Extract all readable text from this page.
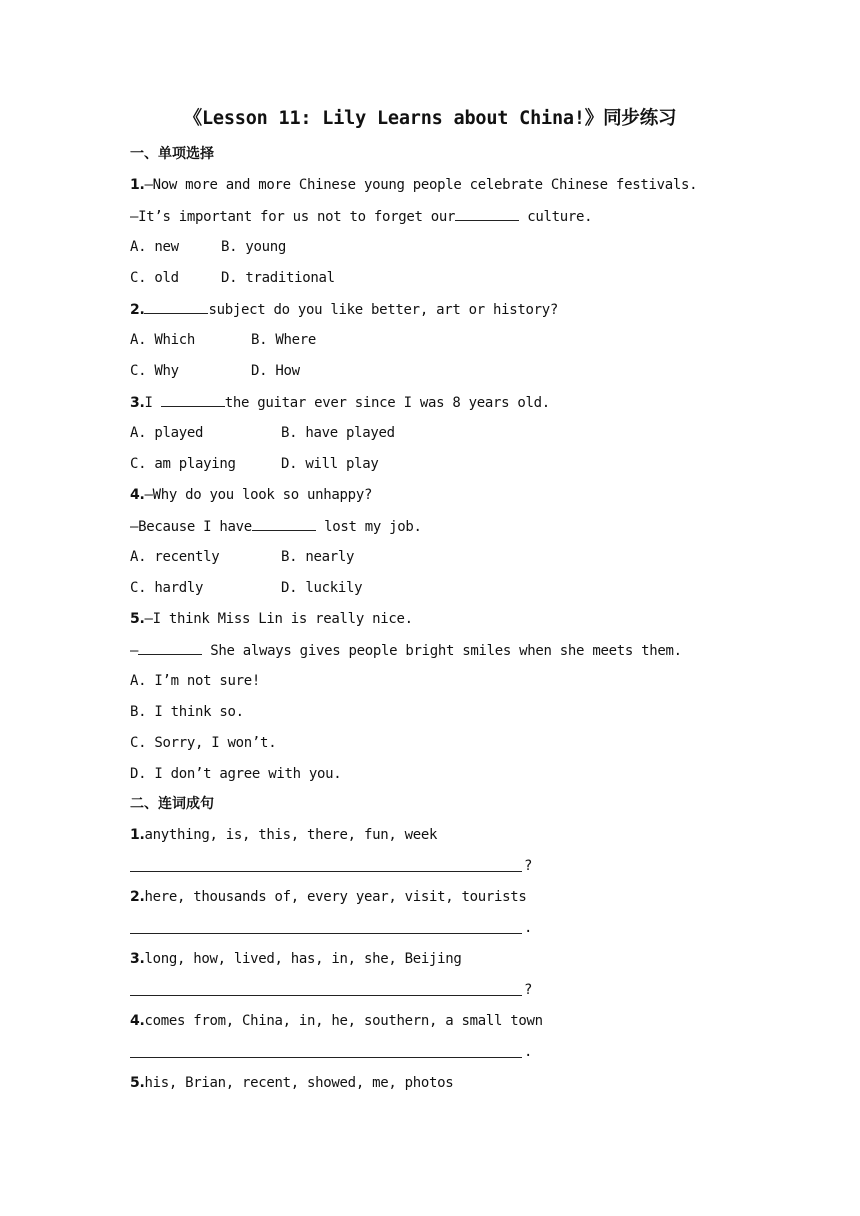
《Lesson 11: Lily Learns about China!》同步练习
一、单项选择
1.—Now more and more Chinese young people celebrate Chinese festivals.
—It’s important for us not to forget our	culture.
A. new	B. young
C. old	D. traditional
2.	subject do you like better, art or history?
A. Which	B. Where
C. Why	D. How
3.I	the guitar ever since I was 8 years old.
A. played	B. have played
C. am playing	D. will play
4.—Why do you look so unhappy?
—Because I have	lost my job.
A. recently	B. nearly
C. hardly	D. luckily
5.—I think Miss Lin is really nice.
—	She always gives people bright smiles when she meets them.
A. I’m not sure!
B. I think so.
C. Sorry, I won’t.
D. I don’t agree with you.
二、连词成句
1.anything, is, this, there, fun, week
?
2.here, thousands of, every year, visit, tourists
.
3.long, how, lived, has, in, she, Beijing
?
4.comes from, China, in, he, southern, a small town
.
5.his, Brian, recent, showed, me, photos
